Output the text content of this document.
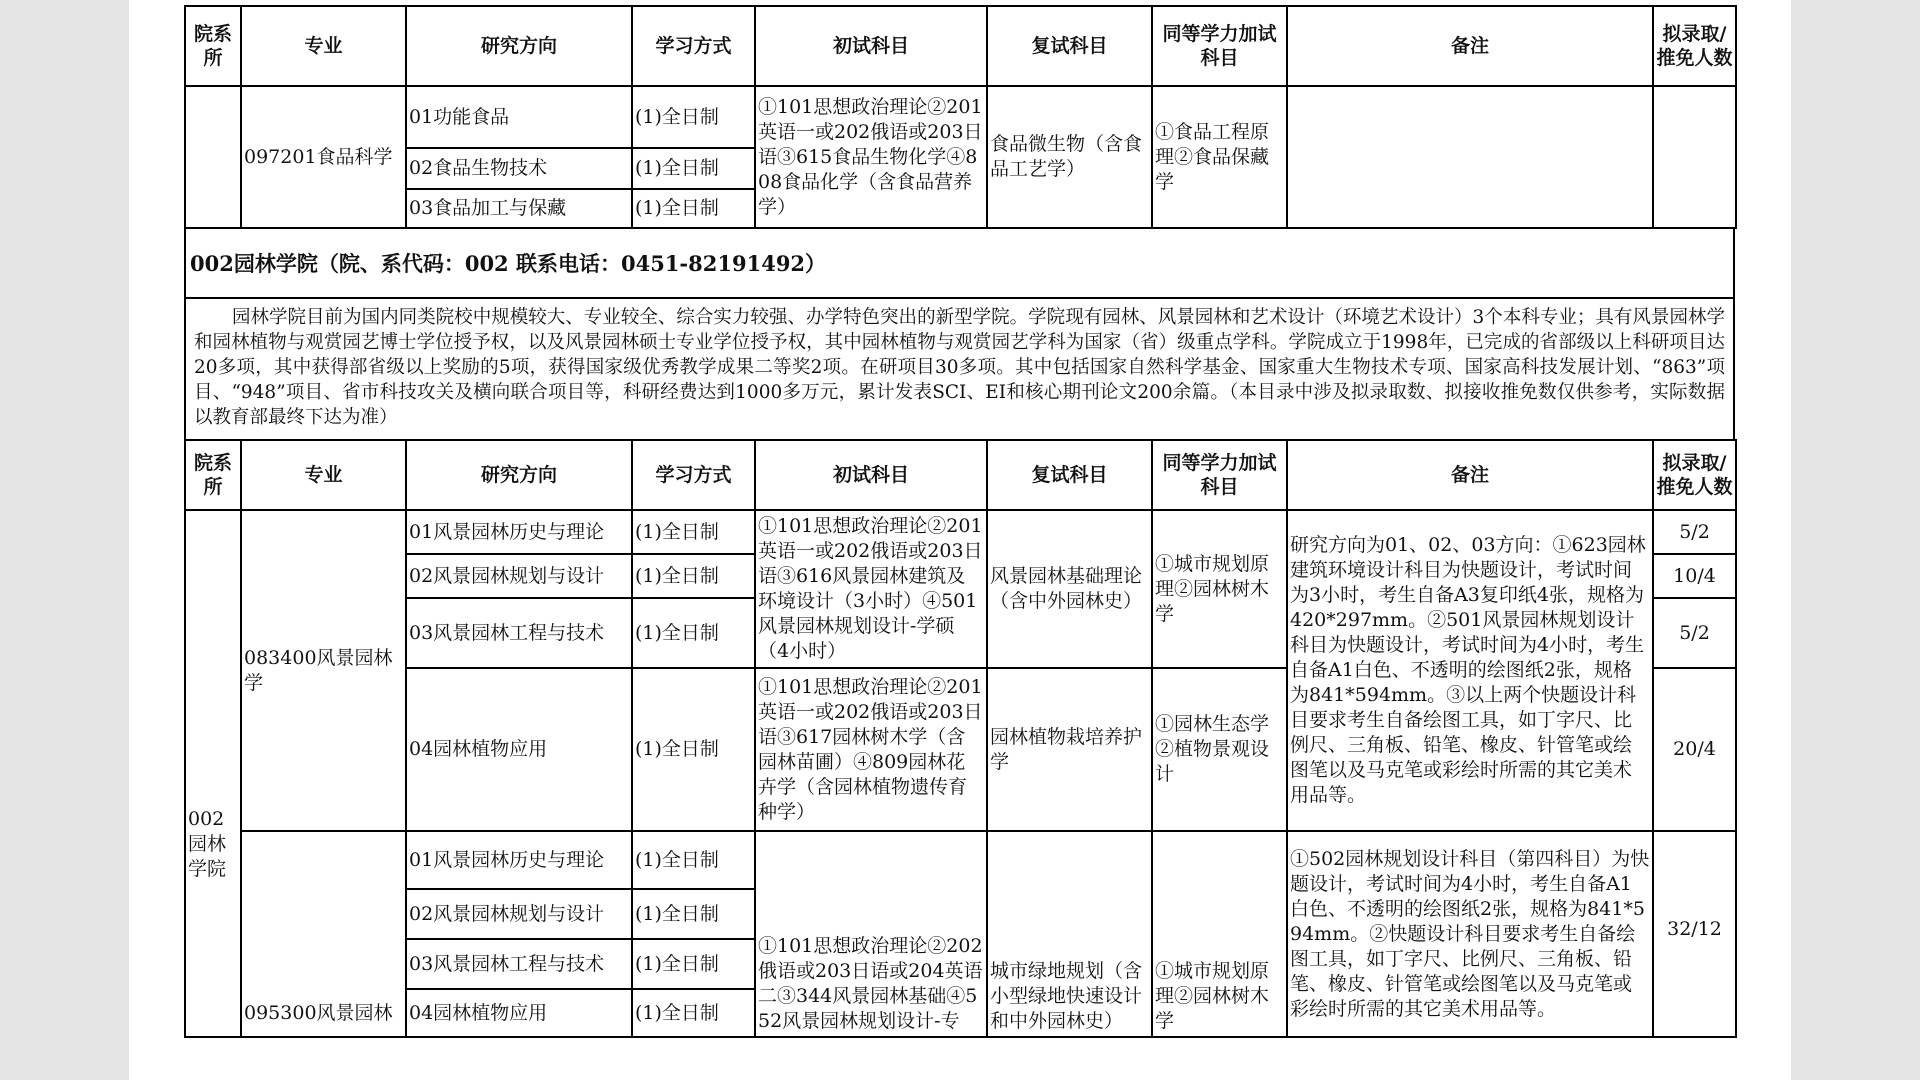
院系所	专业	研究方向	学习方式	初试科目	复试科目	同等学力加试科目	备注	拟录取/推免人数
	097201食品科学	01功能食品	(1)全日制	①101思想政治理论②201英语一或202俄语或203日语③615食品生物化学④808食品化学（含食品营养学）	食品微生物（含食品工艺学）	①食品工程原理②食品保藏学		
		02食品生物技术	(1)全日制					
		03食品加工与保藏	(1)全日制					
002园林学院（院、系代码：002 联系电话：0451-82191492）
园林学院目前为国内同类院校中规模较大、专业较全、综合实力较强、办学特色突出的新型学院。学院现有园林、风景园林和艺术设计（环境艺术设计）3个本科专业；具有风景园林学和园林植物与观赏园艺博士学位授予权，以及风景园林硕士专业学位授予权，其中园林植物与观赏园艺学科为国家（省）级重点学科。学院成立于1998年，已完成的省部级以上科研项目达20多项，其中获得部省级以上奖励的5项，获得国家级优秀教学成果二等奖2项。在研项目30多项。其中包括国家自然科学基金、国家重大生物技术专项、国家高科技发展计划、“863”项目、“948”项目、省市科技攻关及横向联合项目等，科研经费达到1000多万元，累计发表SCI、EI和核心期刊论文200余篇。（本目录中涉及拟录取数、拟接收推免数仅供参考，实际数据以教育部最终下达为准）
院系所	专业	研究方向	学习方式	初试科目	复试科目	同等学力加试科目	备注	拟录取/推免人数
002园林学院	083400风景园林学	01风景园林历史与理论	(1)全日制	①101思想政治理论②201英语一或202俄语或203日语③616风景园林建筑及环境设计（3小时）④501风景园林规划设计-学硕（4小时）	风景园林基础理论（含中外园林史）	①城市规划原理②园林树木学	研究方向为01、02、03方向：①623园林建筑环境设计科目为快题设计，考试时间为3小时，考生自备A3复印纸4张，规格为420*297mm。②501风景园林规划设计科目为快题设计，考试时间为4小时，考生自备A1白色、不透明的绘图纸2张，规格为841*594mm。③以上两个快题设计科目要求考生自备绘图工具，如丁字尺、比例尺、三角板、铅笔、橡皮、针管笔或绘图笔以及马克笔或彩绘时所需的其它美术用品等。	5/2
		02风景园林规划与设计	(1)全日制					10/4
		03风景园林工程与技术	(1)全日制					5/2
		04园林植物应用	(1)全日制	①101思想政治理论②201英语一或202俄语或203日语③617园林树木学（含园林苗圃）④809园林花卉学（含园林植物遗传育种学）	园林植物栽培养护学	①园林生态学②植物景观设计		20/4
	095300风景园林	01风景园林历史与理论	(1)全日制	①101思想政治理论②202俄语或203日语或204英语二③344风景园林基础④552风景园林规划设计-专	城市绿地规划（含小型绿地快速设计和中外园林史）	①城市规划原理②园林树木学	①502园林规划设计科目（第四科目）为快题设计，考试时间为4小时，考生自备A1白色、不透明的绘图纸2张，规格为841*594mm。②快题设计科目要求考生自备绘图工具，如丁字尺、比例尺、三角板、铅笔、橡皮、针管笔或绘图笔以及马克笔或彩绘时所需的其它美术用品等。	32/12
		02风景园林规划与设计	(1)全日制					
		03风景园林工程与技术	(1)全日制					
		04园林植物应用	(1)全日制					
